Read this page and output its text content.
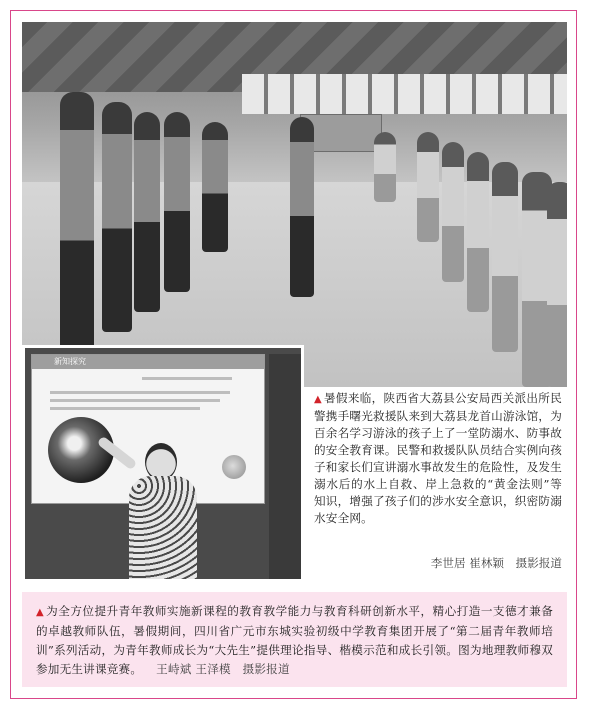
新知探究
▲ 暑假来临，陕西省大荔县公安局西关派出所民警携手曙光救援队来到大荔县龙首山游泳馆，为百余名学习游泳的孩子上了一堂防溺水、防事故的安全教育课。民警和救援队队员结合实例向孩子和家长们宣讲溺水事故发生的危险性，及发生溺水后的水上自救、岸上急救的“黄金法则”等知识，增强了孩子们的涉水安全意识，织密防溺水安全网。
李世居 崔林颖　摄影报道
▲ 为全方位提升青年教师实施新课程的教育教学能力与教育科研创新水平，精心打造一支德才兼备的卓越教师队伍，暑假期间，四川省广元市东城实验初级中学教育集团开展了“第二届青年教师培训”系列活动，为青年教师成长为“大先生”提供理论指导、楷模示范和成长引领。图为地理教师穆双参加无生讲课竞赛。 王峙斌 王泽模　摄影报道
